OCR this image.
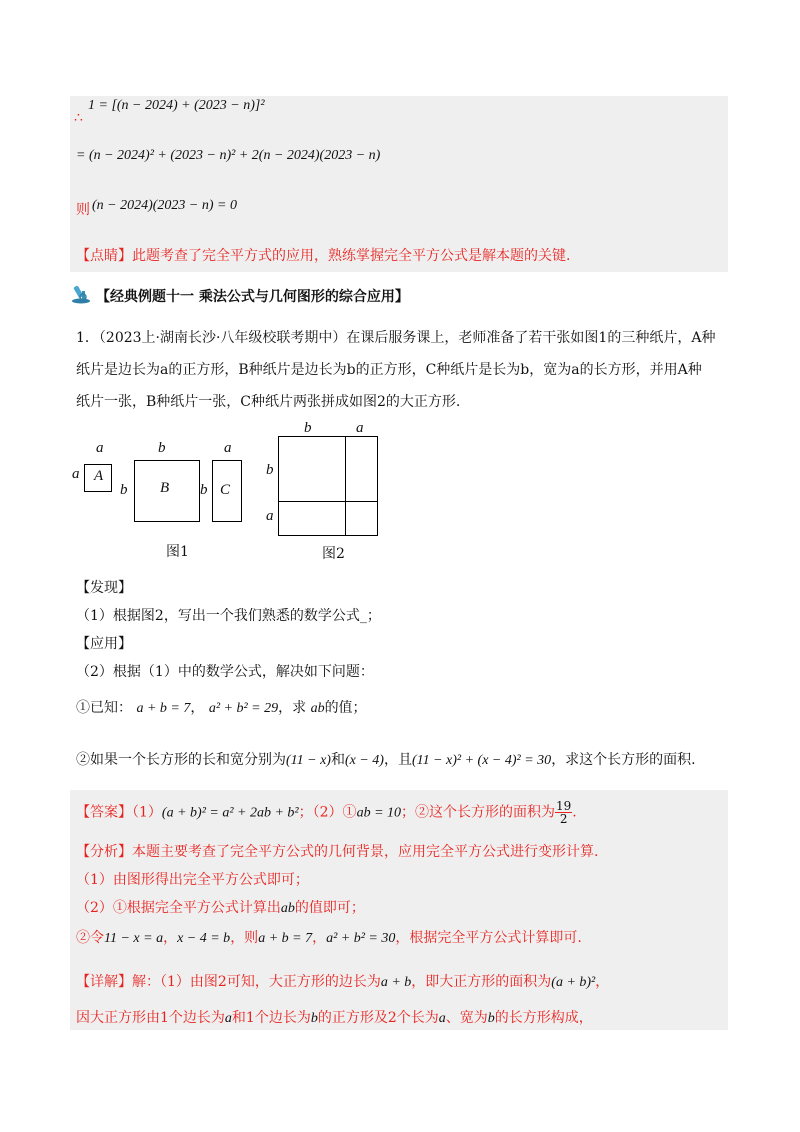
∴
1 = [(n − 2024) + (2023 − n)]²
= (n − 2024)² + (2023 − n)² + 2(n − 2024)(2023 − n)
则 (n − 2024)(2023 − n) = 0
【点睛】此题考查了完全平方式的应用，熟练掌握完全平方公式是解本题的关键.
【经典例题十一 乘法公式与几何图形的综合应用】
1．（2023上·湖南长沙·八年级校联考期中）在课后服务课上，老师准备了若干张如图1的三种纸片，A种
纸片是边长为a的正方形，B种纸片是边长为b的正方形，C种纸片是长为b，宽为a的长方形，并用A种
纸片一张，B种纸片一张，C种纸片两张拼成如图2的大正方形.
a
a A
b
b B
a
b C
图1
b	a
b
a
图2
【发现】
（1）根据图2，写出一个我们熟悉的数学公式_；
【应用】
（2）根据（1）中的数学公式，解决如下问题：
①已知： a + b = 7， a² + b² = 29，求 ab的值；
②如果一个长方形的长和宽分别为(11 − x)和(x − 4)，且(11 − x)² + (x − 4)² = 30，求这个长方形的面积.
【答案】（1）(a + b)² = a² + 2ab + b²；（2）①ab = 10；②这个长方形的面积为 $\frac{19}{2}$ .
【分析】本题主要考查了完全平方公式的几何背景，应用完全平方公式进行变形计算.
（1）由图形得出完全平方公式即可；
（2）①根据完全平方公式计算出ab的值即可；
②令11 − x = a，x − 4 = b，则a + b = 7，a² + b² = 30，根据完全平方公式计算即可.
【详解】解：（1）由图2可知，大正方形的边长为a + b，即大正方形的面积为(a + b)²，
因大正方形由1个边长为a和1个边长为b的正方形及2个长为a、宽为b的长方形构成，
